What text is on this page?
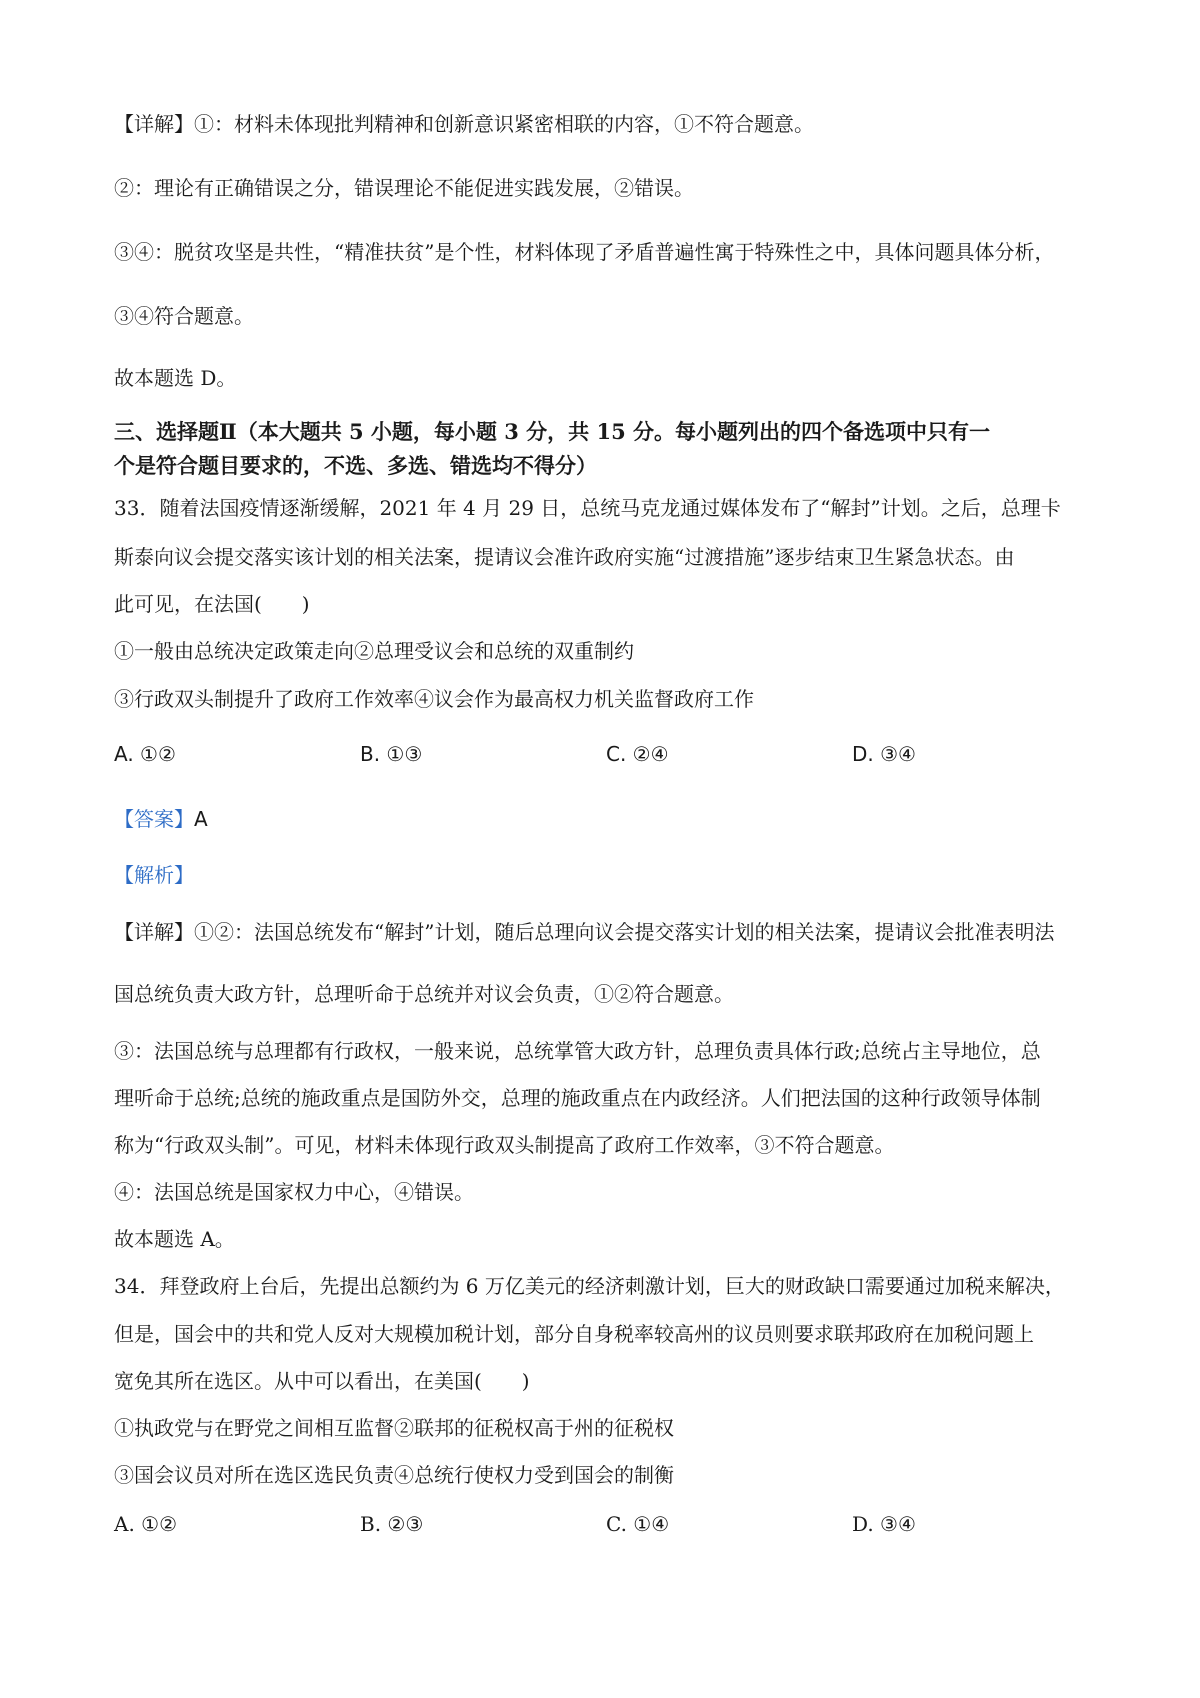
【详解】①：材料未体现批判精神和创新意识紧密相联的内容，①不符合题意。
②：理论有正确错误之分，错误理论不能促进实践发展，②错误。
③④：脱贫攻坚是共性，“精准扶贫”是个性，材料体现了矛盾普遍性寓于特殊性之中，具体问题具体分析，
③④符合题意。
故本题选 D。
三、选择题Ⅱ（本大题共 5 小题，每小题 3 分，共 15 分。每小题列出的四个备选项中只有一
个是符合题目要求的，不选、多选、错选均不得分）
33．随着法国疫情逐渐缓解，2021 年 4 月 29 日，总统马克龙通过媒体发布了“解封”计划。之后，总理卡
斯泰向议会提交落实该计划的相关法案，提请议会准许政府实施“过渡措施”逐步结束卫生紧急状态。由
此可见，在法国(　　)
①一般由总统决定政策走向②总理受议会和总统的双重制约
③行政双头制提升了政府工作效率④议会作为最高权力机关监督政府工作
A. ①②	B. ①③	C. ②④	D. ③④
【答案】A
【解析】
【详解】①②：法国总统发布“解封”计划，随后总理向议会提交落实计划的相关法案，提请议会批准表明法
国总统负责大政方针，总理听命于总统并对议会负责，①②符合题意。
③：法国总统与总理都有行政权，一般来说，总统掌管大政方针，总理负责具体行政;总统占主导地位，总
理听命于总统;总统的施政重点是国防外交，总理的施政重点在内政经济。人们把法国的这种行政领导体制
称为“行政双头制”。可见，材料未体现行政双头制提高了政府工作效率，③不符合题意。
④：法国总统是国家权力中心，④错误。
故本题选 A。
34．拜登政府上台后，先提出总额约为 6 万亿美元的经济刺激计划，巨大的财政缺口需要通过加税来解决，
但是，国会中的共和党人反对大规模加税计划，部分自身税率较高州的议员则要求联邦政府在加税问题上
宽免其所在选区。从中可以看出，在美国(　　)
①执政党与在野党之间相互监督②联邦的征税权高于州的征税权
③国会议员对所在选区选民负责④总统行使权力受到国会的制衡
A. ①②	B. ②③	C. ①④	D. ③④
